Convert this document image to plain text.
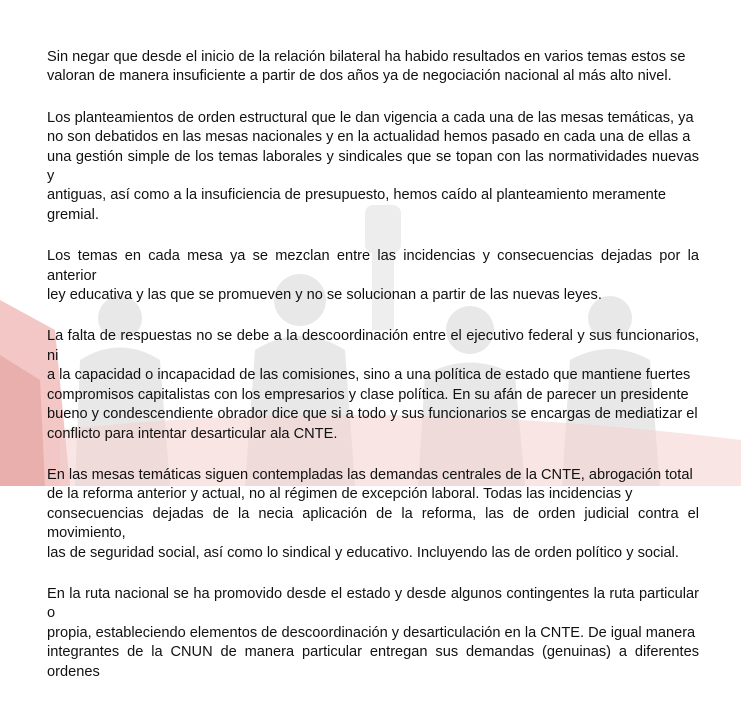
Sin negar que desde el inicio de la relación bilateral ha habido resultados en varios temas estos se
valoran de manera insuficiente a partir de dos años ya de negociación nacional al más alto nivel.

Los planteamientos de orden estructural que le dan vigencia a cada una de las mesas temáticas, ya
no son debatidos en las mesas nacionales y en la actualidad hemos pasado en cada una de ellas a
una gestión simple de los temas laborales y sindicales que se topan con las normatividades nuevas y
antiguas, así como a la insuficiencia de presupuesto, hemos caído al planteamiento meramente
gremial.

Los temas en cada mesa ya se mezclan entre las incidencias y consecuencias dejadas por la anterior
ley educativa y las que se promueven y no se solucionan a partir de las nuevas leyes.

La falta de respuestas no se debe a la descoordinación entre el ejecutivo federal y sus funcionarios, ni
a la capacidad o incapacidad de las comisiones, sino a una política de estado que mantiene fuertes
compromisos capitalistas con los empresarios y clase política. En su afán de parecer un presidente
bueno y condescendiente obrador dice que si a todo y sus funcionarios se encargas de mediatizar el
conflicto para intentar desarticular ala CNTE.

En las mesas temáticas siguen contempladas las demandas centrales de la CNTE, abrogación total
de la reforma anterior y actual, no al régimen de excepción laboral. Todas las incidencias y
consecuencias dejadas de la necia aplicación de la reforma, las de orden judicial contra el movimiento,
las de seguridad social, así como lo sindical y educativo. Incluyendo las de orden político y social.

En la ruta nacional se ha promovido desde el estado y desde algunos contingentes la ruta particular o
propia, estableciendo elementos de descoordinación y desarticulación en la CNTE. De igual manera
integrantes de la CNUN de manera particular entregan sus demandas (genuinas) a diferentes ordenes
